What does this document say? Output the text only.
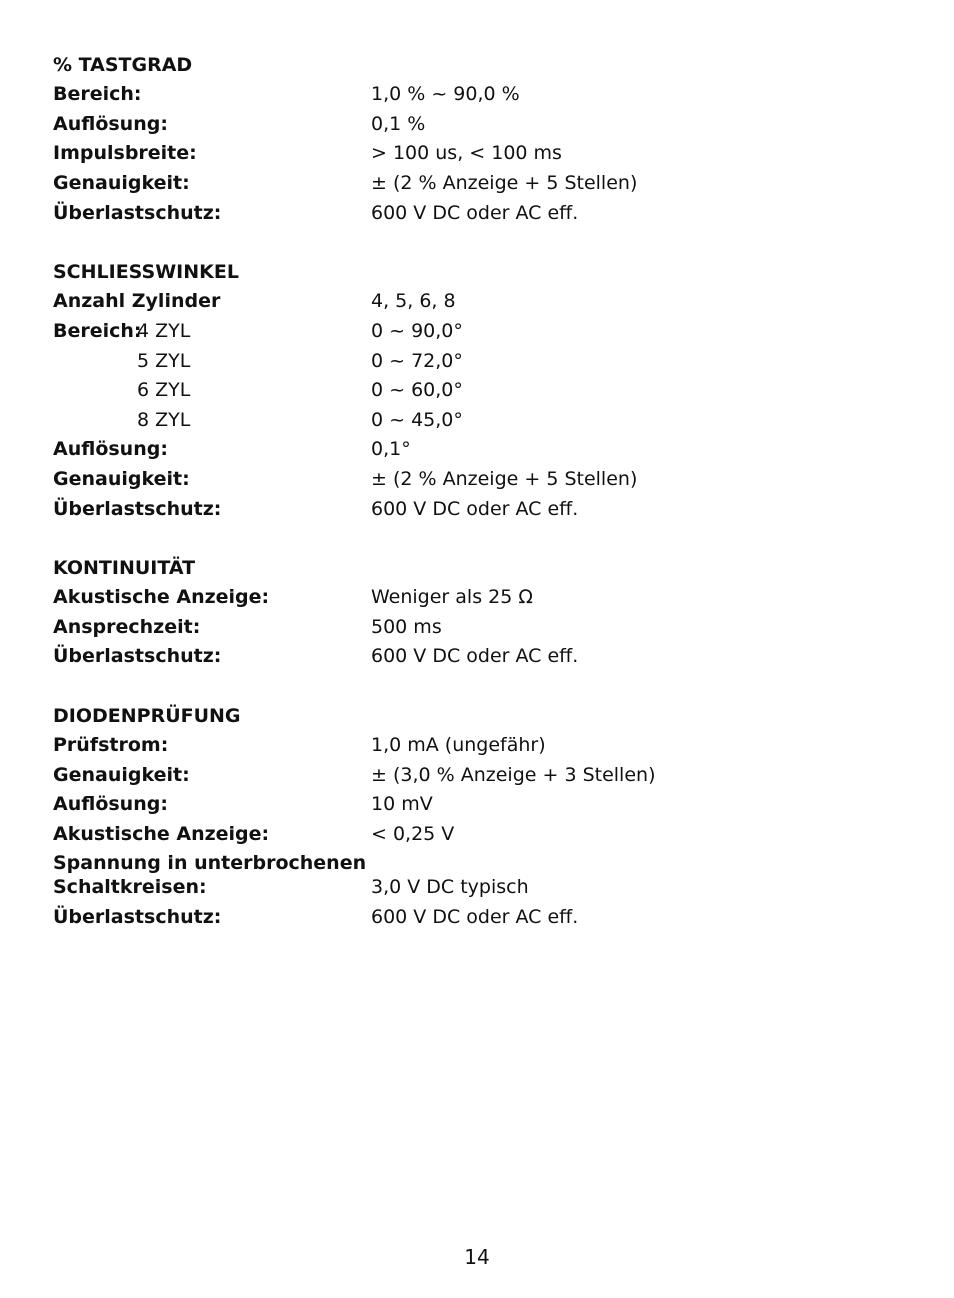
% TASTGRAD
Bereich:	1,0 % ~ 90,0 %
Auflösung:	0,1 %
Impulsbreite:	> 100 us, < 100 ms
Genauigkeit:	± (2 % Anzeige + 5 Stellen)
Überlastschutz:	600 V DC oder AC eff.
SCHLIESSWINKEL
Anzahl Zylinder	4, 5, 6, 8
Bereich:
4 ZYL	0 ~ 90,0°
5 ZYL	0 ~ 72,0°
6 ZYL	0 ~ 60,0°
8 ZYL	0 ~ 45,0°
Auflösung:	0,1°
Genauigkeit:	± (2 % Anzeige + 5 Stellen)
Überlastschutz:	600 V DC oder AC eff.
KONTINUITÄT
Akustische Anzeige:	Weniger als 25 Ω
Ansprechzeit:	500 ms
Überlastschutz:	600 V DC oder AC eff.
DIODENPRÜFUNG
Prüfstrom:	1,0 mA (ungefähr)
Genauigkeit:	± (3,0 % Anzeige + 3 Stellen)
Auflösung:	10 mV
Akustische Anzeige:	< 0,25 V
Spannung in unterbrochenen
Schaltkreisen:	3,0 V DC typisch
Überlastschutz:	600 V DC oder AC eff.
14
